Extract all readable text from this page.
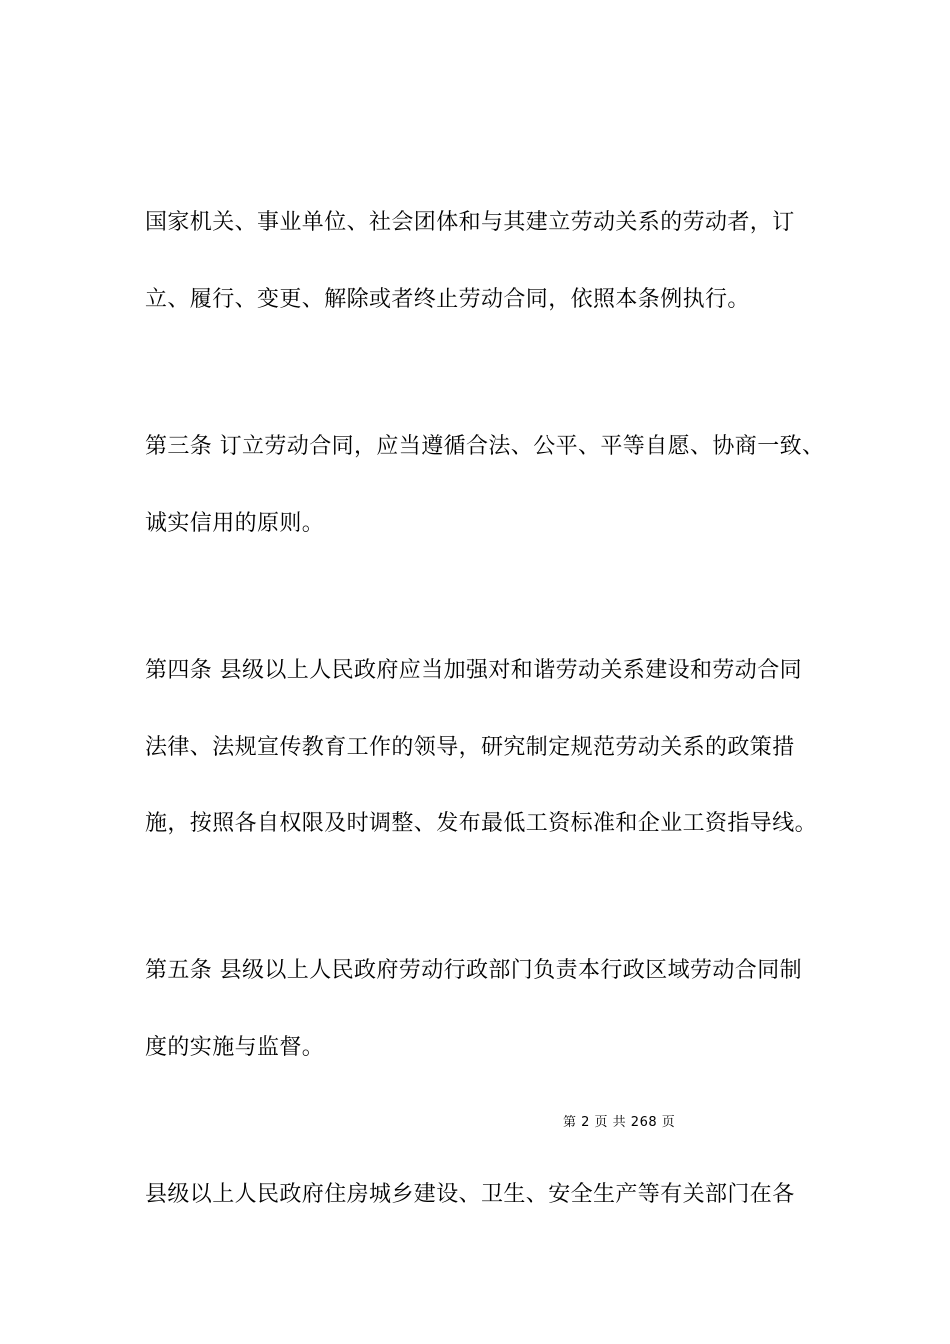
国家机关、事业单位、社会团体和与其建立劳动关系的劳动者，订
立、履行、变更、解除或者终止劳动合同，依照本条例执行。
第三条 订立劳动合同，应当遵循合法、公平、平等自愿、协商一致、
诚实信用的原则。
第四条 县级以上人民政府应当加强对和谐劳动关系建设和劳动合同
法律、法规宣传教育工作的领导，研究制定规范劳动关系的政策措
施，按照各自权限及时调整、发布最低工资标准和企业工资指导线。
第五条 县级以上人民政府劳动行政部门负责本行政区域劳动合同制
度的实施与监督。
第 2 页 共 268 页
县级以上人民政府住房城乡建设、卫生、安全生产等有关部门在各
